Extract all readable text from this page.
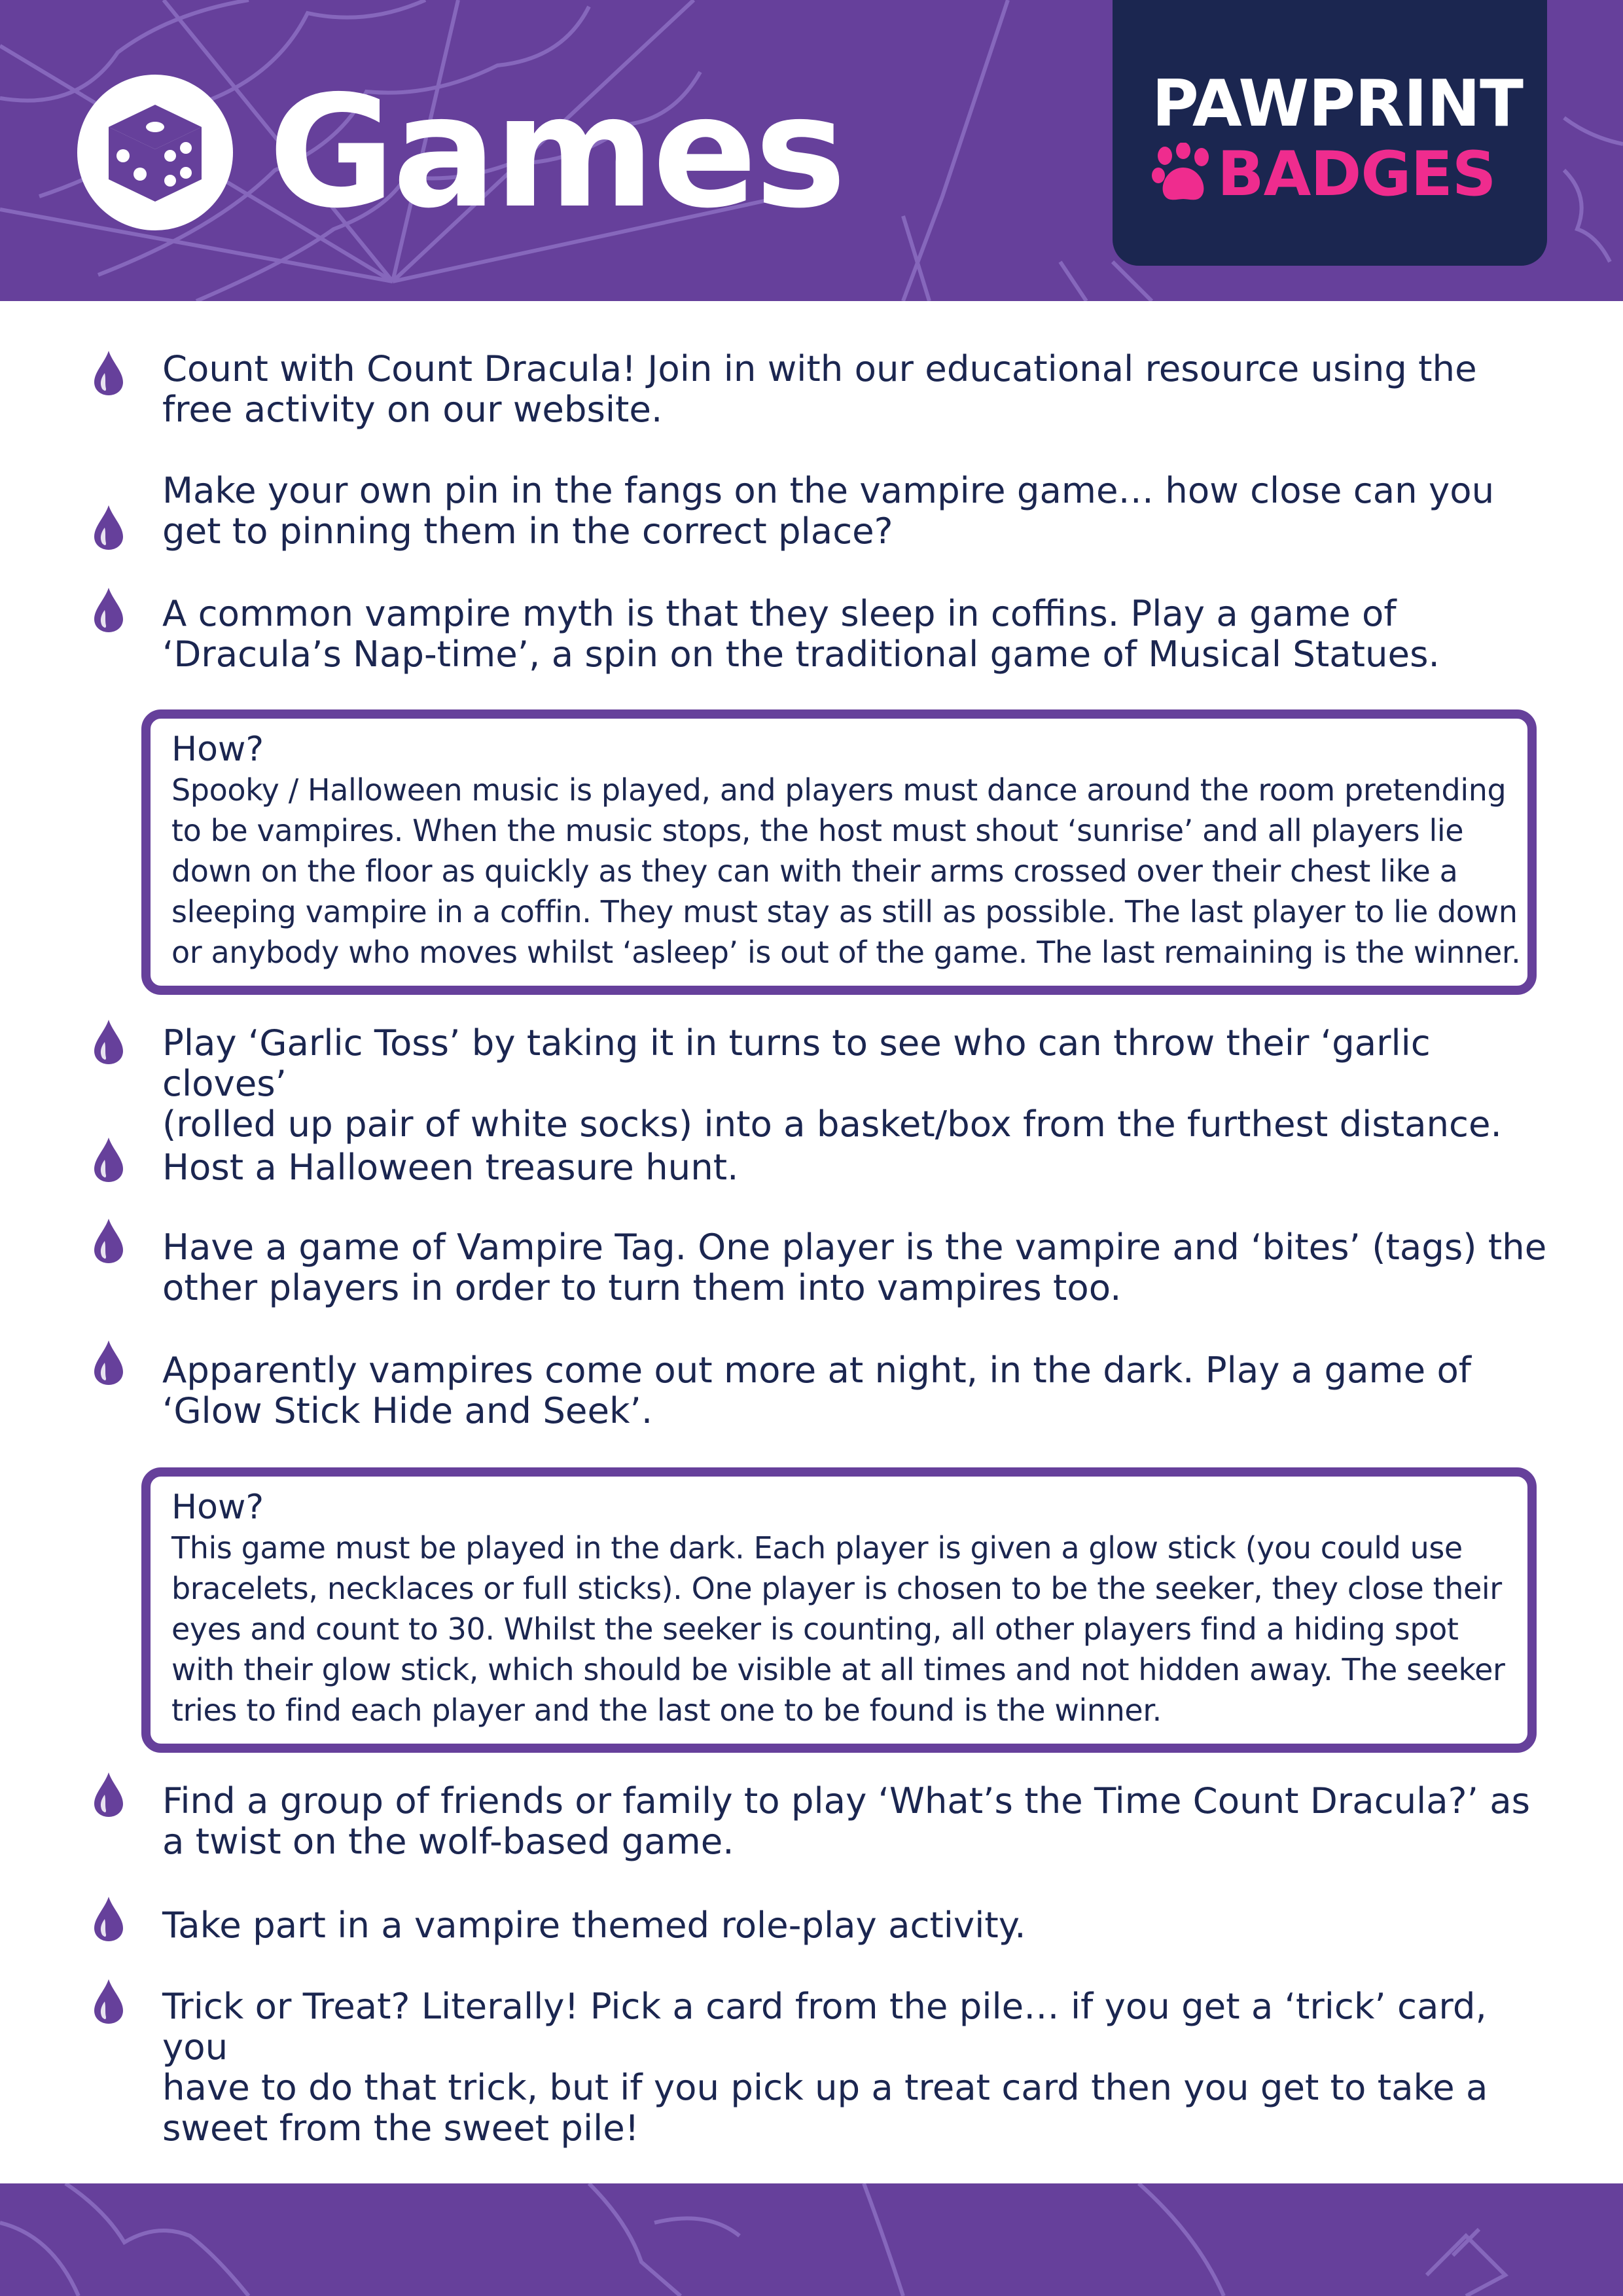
Games	PAWPRINT
BADGES
Count with Count Dracula! Join in with our educational resource using the
free activity on our website.
Make your own pin in the fangs on the vampire game… how close can you
get to pinning them in the correct place?
A common vampire myth is that they sleep in coffins. Play a game of
‘Dracula’s Nap-time’, a spin on the traditional game of Musical Statues.
Play ‘Garlic Toss’ by taking it in turns to see who can throw their ‘garlic cloves’
(rolled up pair of white socks) into a basket/box from the furthest distance.
Host a Halloween treasure hunt.
Have a game of Vampire Tag. One player is the vampire and ‘bites’ (tags) the
other players in order to turn them into vampires too.
Apparently vampires come out more at night, in the dark. Play a game of
‘Glow Stick Hide and Seek’.
Find a group of friends or family to play ‘What’s the Time Count Dracula?’ as
a twist on the wolf-based game.
Take part in a vampire themed role-play activity.
Trick or Treat? Literally! Pick a card from the pile… if you get a ‘trick’ card, you
have to do that trick, but if you pick up a treat card then you get to take a
sweet from the sweet pile!
How?
Spooky / Halloween music is played, and players must dance around the room pretending
to be vampires. When the music stops, the host must shout ‘sunrise’ and all players lie
down on the floor as quickly as they can with their arms crossed over their chest like a
sleeping vampire in a coffin. They must stay as still as possible. The last player to lie down
or anybody who moves whilst ‘asleep’ is out of the game. The last remaining is the winner.
How?
This game must be played in the dark. Each player is given a glow stick (you could use
bracelets, necklaces or full sticks). One player is chosen to be the seeker, they close their
eyes and count to 30. Whilst the seeker is counting, all other players find a hiding spot
with their glow stick, which should be visible at all times and not hidden away. The seeker
tries to find each player and the last one to be found is the winner.
